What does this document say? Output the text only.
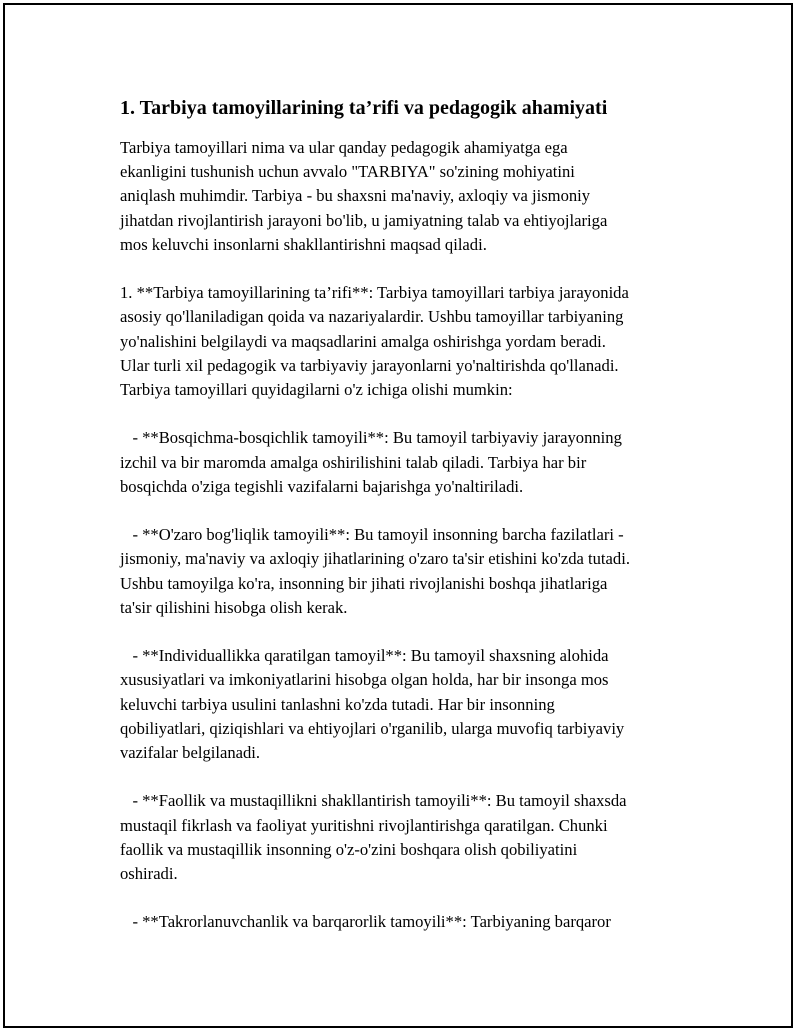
1. Tarbiya tamoyillarining ta’rifi va pedagogik ahamiyati
Tarbiya tamoyillari nima va ular qanday pedagogik ahamiyatga ega
ekanligini tushunish uchun avvalo "TARBIYA" so'zining mohiyatini
aniqlash muhimdir. Tarbiya - bu shaxsni ma'naviy, axloqiy va jismoniy
jihatdan rivojlantirish jarayoni bo'lib, u jamiyatning talab va ehtiyojlariga
mos keluvchi insonlarni shakllantirishni maqsad qiladi.
1. **Tarbiya tamoyillarining ta’rifi**: Tarbiya tamoyillari tarbiya jarayonida
asosiy qo'llaniladigan qoida va nazariyalardir. Ushbu tamoyillar tarbiyaning
yo'nalishini belgilaydi va maqsadlarini amalga oshirishga yordam beradi.
Ular turli xil pedagogik va tarbiyaviy jarayonlarni yo'naltirishda qo'llanadi.
Tarbiya tamoyillari quyidagilarni o'z ichiga olishi mumkin:
- **Bosqichma-bosqichlik tamoyili**: Bu tamoyil tarbiyaviy jarayonning
izchil va bir maromda amalga oshirilishini talab qiladi. Tarbiya har bir
bosqichda o'ziga tegishli vazifalarni bajarishga yo'naltiriladi.
- **O'zaro bog'liqlik tamoyili**: Bu tamoyil insonning barcha fazilatlari -
jismoniy, ma'naviy va axloqiy jihatlarining o'zaro ta'sir etishini ko'zda tutadi.
Ushbu tamoyilga ko'ra, insonning bir jihati rivojlanishi boshqa jihatlariga
ta'sir qilishini hisobga olish kerak.
- **Individuallikka qaratilgan tamoyil**: Bu tamoyil shaxsning alohida
xususiyatlari va imkoniyatlarini hisobga olgan holda, har bir insonga mos
keluvchi tarbiya usulini tanlashni ko'zda tutadi. Har bir insonning
qobiliyatlari, qiziqishlari va ehtiyojlari o'rganilib, ularga muvofiq tarbiyaviy
vazifalar belgilanadi.
- **Faollik va mustaqillikni shakllantirish tamoyili**: Bu tamoyil shaxsda
mustaqil fikrlash va faoliyat yuritishni rivojlantirishga qaratilgan. Chunki
faollik va mustaqillik insonning o'z-o'zini boshqara olish qobiliyatini
oshiradi.
- **Takrorlanuvchanlik va barqarorlik tamoyili**: Tarbiyaning barqaror
